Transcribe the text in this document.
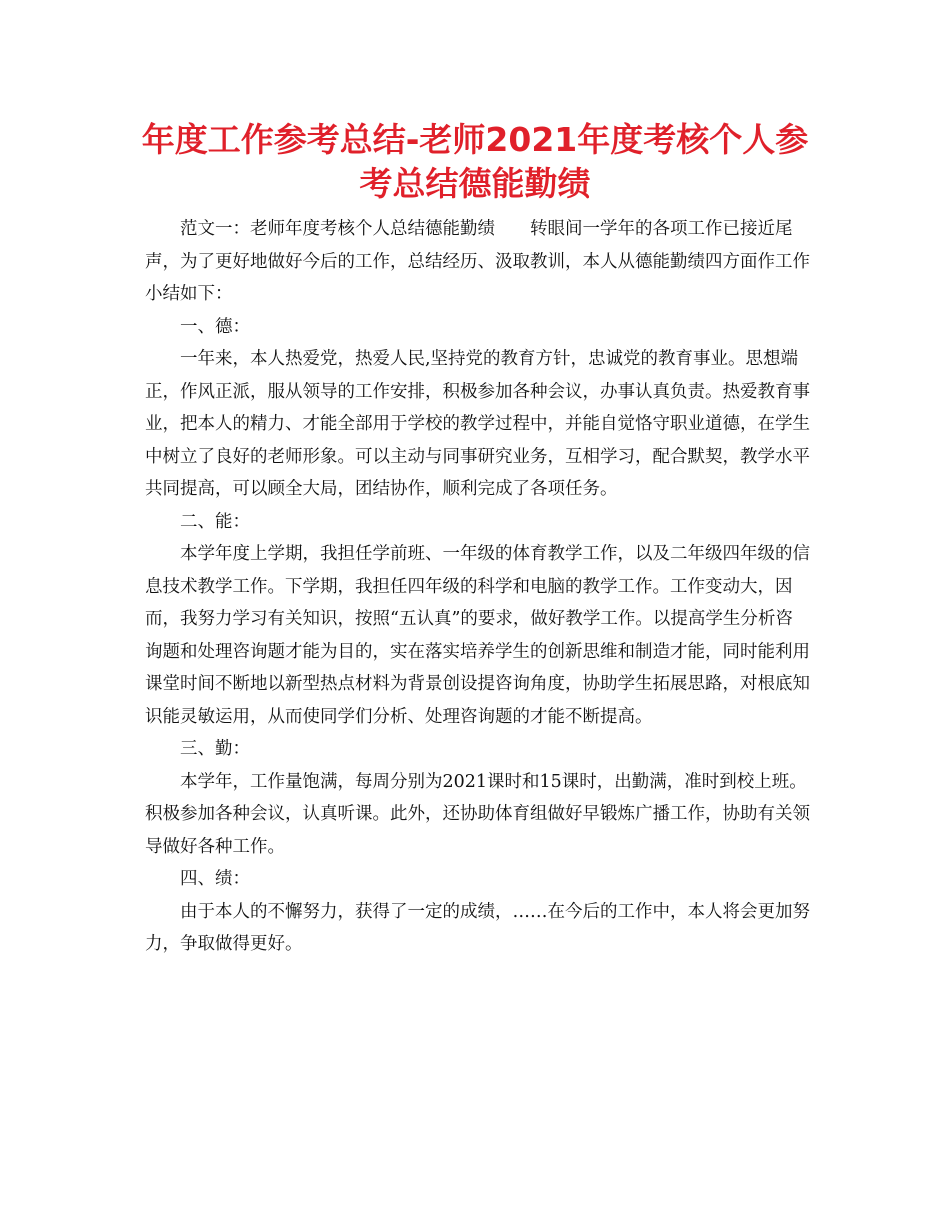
年度工作参考总结-老师2021年度考核个人参考总结德能勤绩

范文一：老师年度考核个人总结德能勤绩　　转眼间一学年的各项工作已接近尾声，为了更好地做好今后的工作，总结经历、汲取教训，本人从德能勤绩四方面作工作小结如下：

一、德：

一年来，本人热爱党，热爱人民,坚持党的教育方针，忠诚党的教育事业。思想端正，作风正派，服从领导的工作安排，积极参加各种会议，办事认真负责。热爱教育事业，把本人的精力、才能全部用于学校的教学过程中，并能自觉恪守职业道德，在学生中树立了良好的老师形象。可以主动与同事研究业务，互相学习，配合默契，教学水平共同提高，可以顾全大局，团结协作，顺利完成了各项任务。

二、能：

本学年度上学期，我担任学前班、一年级的体育教学工作，以及二年级四年级的信息技术教学工作。下学期，我担任四年级的科学和电脑的教学工作。工作变动大，因而，我努力学习有关知识，按照“五认真”的要求，做好教学工作。以提高学生分析咨询题和处理咨询题才能为目的，实在落实培养学生的创新思维和制造才能，同时能利用课堂时间不断地以新型热点材料为背景创设提咨询角度，协助学生拓展思路，对根底知识能灵敏运用，从而使同学们分析、处理咨询题的才能不断提高。

三、勤：

本学年，工作量饱满，每周分别为2021课时和15课时，出勤满，准时到校上班。积极参加各种会议，认真听课。此外，还协助体育组做好早锻炼广播工作，协助有关领导做好各种工作。

四、绩：

由于本人的不懈努力，获得了一定的成绩，……在今后的工作中，本人将会更加努力，争取做得更好。
